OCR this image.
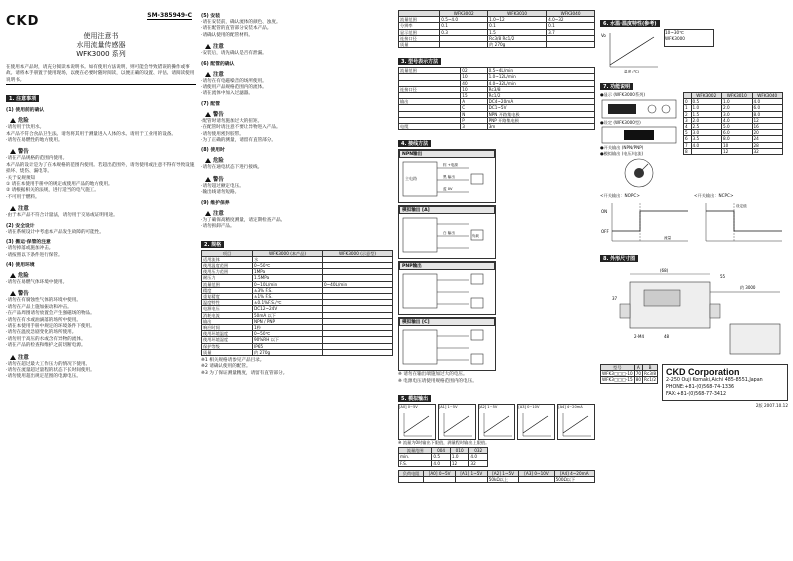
CKD	SM-385949-C
使用注意书
水用流量传感器
WFK3000 系列

在使用本产品时，请充分阅读本说明书。如有使用方法说明，则可能会导致错误的操作或事故。请将本手册置于使用现场，以便在必要时随时阅读，以便正确的设置、评估、请阅读使用说明书。

1. 注意事项
(1) 使用前的确认
危险

·请勿用于饮用水。

本产品不符合食品卫生法。请勿将其用于测量进入人体的水。请用于工业用的设备。

·请勿在易燃性的地方使用。

警告

·请在产品规格的范围内使用。

本产品的设计是为了在本规格的范围内使用。若超出范围外，请勿使用或注意不得有导致设施损坏、烧伤、漏电等。

·关于安规须知

① 请在本使用手册中的规定或使用产品的地方使用。

② 请根据相关的法规，进行适当的电气施工。

·不可用于燃料。

注意

·由于本产品不符合计量法，请勿用于交易或证明用途。

(2) 安全设计

·请在系统设计中考虑本产品发生故障的可能性。

(3) 搬运·保管的注意

·请勿掉落或施加冲击。

·请按照以下条件进行保管。

(4) 使用环境
危险

·请勿在易燃气体环境中使用。

警告

·请勿在有腐蚀性气体的环境中使用。

·请勿在产品上施加振动和冲击。

·在产品周围请勿放置会产生强磁场的物品。

·请勿在有水或油滴落的场所中使用。

·请在本使用手册中规定的环境条件下使用。

·请勿在温度急剧变化的场所使用。

·请勿用于高压的水或含有异物的流体。

·请在产品的检查和维护之前切断电源。

注意

·请勿在超过最大工作压力的情况下使用。

·请勿在流量超过量程的状态下长时间使用。

·请勿使用超出规定范围的电源电压。

(5) 安装

·请在安装前，确认流体的颜色、浊度。

·请在配管的直管部分安装本产品。

·请确认使用的配管材料。

注意

·安装后，请先确认是否有泄漏。

(6) 配管的确认
注意

·请勿在有电磁噪音的场所使用。

·请使用产品规格范围内的流体。

·请在流体中加入过滤器。

(7) 配管
警告

·配管时请勿施加过大的扭矩。

·在配管时请注意不要让异物进入产品。

·请勿使用密封胶带。

·为了正确的测量，请留有直管部分。

(8) 使用时
危险

·请勿在通电状态下进行接线。

警告

·请勿超过额定电压。

·输出线请勿短路。

(9) 维护保养
注意

·为了确保高精度测量，请定期检查产品。

·请勿拆卸产品。

2. 规格
项目	WFK3000 (本产品)	WFK3000 (示意型)
适用流体	水	
使用温度范围	0~50℃	
使用压力范围	1MPa	
耐压力	1.5MPa	
流量范围	0~10L/min	0~40L/min
精度	±3% F.S.	
重复精度	±1% F.S.	
温度特性	±0.1%F.S./℃	
电源电压	DC12~24V	
消耗电流	50mA 以下	
输出	NPN / PNP	
响应时间	1秒	
使用环境温度	0~50℃	
使用环境湿度	90%RH 以下	
保护等级	IP65	
质量	约 270g	

※1 相关规格请参见产品目录。

※2 请确认使用的配管。

※3 为了保证测量精度，请留有直管部分。

	WFK3002	WFK3010	WFK3040
流量范围	0.5~4.0	1.0~12	4.0~32
分辨率	0.1	0.1	0.1
显示范围	0.3	1.5	3.7
连接口径		Rc3/8 Rc1/2	
质量		约 270g	
3. 型号表示方法
流量范围	02	0.5~4L/min
	10	1.0~12L/min
	40	4.0~32L/min
连接口径	10	Rc3/8
	15	Rc1/2
输出	A	DC4~20mA
	C	DC1~5V
	N	NPN 开路集电极
	P	PNP 开路集电极
电缆	3	3m
4. 接线方法
NPN输出
主电路
棕 +电源
黑 输出
蓝 0V
模拟输出 [A]
负载
白 输出
PNP输出
模拟输出 [C]

※ 请勿在输出端施加过大的电压。

※ 电源电压请使用规格范围内的电压。

5. 模拟输出
[A0] 0~5V	[A1] 1~5V	[A2] 1~5V	[A3] 0~10V	[A4] 4~20mA

※ 流量为0时输出下限值，满量程时输出上限值。

流量范围	004	010	032
min.	0.5	1.0	4.0
F.S.	4.0	12	32
负荷电阻	[A0] 0~5V	[A1] 1~5V	[A2] 1~5V	[A3] 0~10V	[A4] 4~20mA
			50kΩ以上		500Ω以下
6. 水温·温度特性(参考)
Vo
温度 (℃)
10~30℃
WFK3000
7. 功能说明
●显示 (WFK3000系列)
●设定 (WFK3000型)
●开关输出 (NPN/PNP)
●模拟输出 (电压/电流)
	WFK3002	WFK3010	WFK3040
0	0.5	1.0	4.0
1	1.0	2.0	6.0
2	1.5	3.0	8.0
3	2.0	4.0	12
4	2.5	5.0	16
5	3.0	6.0	20
6	3.5	8.0	24
7	4.0	10	28
8		12	32
<开关输出：NOPC>
ON
OFF
流量
<开关输出：NCPC>
设定值
8. 外形尺寸图
(68)
约 3000
2-M4	48
37
55
型号	A	B
WFK3□□□-10	70	Rc3/8
WFK3□□□-15	80	Rc1/2
CKD Corporation
2-250 Ouji Komaki,Aichi 485-8551,Japan
PHONE:+81-(0)568-74-1336
FAX:+81-(0)568-77-3412
2版 2007.10.12
